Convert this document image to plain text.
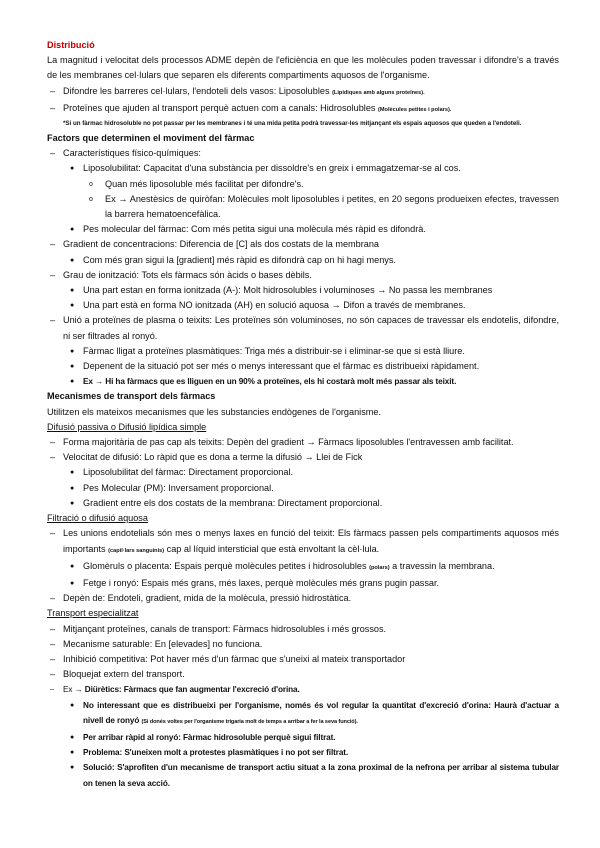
Distribució

La magnitud i velocitat dels processos ADME depèn de l'eficiència en que les molècules poden travessar i difondre's a través de les membranes cel·lulars que separen els diferents compartiments aquosos de l'organisme.

– Difondre les barreres cel·lulars, l'endoteli dels vasos: Liposolubles (Lipídiques amb alguns proteïnes).

– Proteïnes que ajuden al transport perquè actuen com a canals: Hidrosolubles (Molècules petites i polars).

*Si un fàrmac hidrosoluble no pot passar per les membranes i té una mida petita podrà travessar-les mitjançant els espais aquosos que queden a l'endoteli.

Factors que determinen el moviment del fàrmac

– Característiques físico-químiques:

● Liposolubilitat: Capacitat d'una substància per dissoldre's en greix i emmagatzemar-se al cos.

o Quan més liposoluble més facilitat per difondre's.

o Ex → Anestèsics de quiròfan: Molècules molt liposolubles i petites, en 20 segons produeixen efectes, travessen la barrera hematoencefàlica.

● Pes molecular del fàrmac: Com més petita sigui una molècula més ràpid es difondrà.

– Gradient de concentracions: Diferencia de [C] als dos costats de la membrana

● Com més gran sigui la [gradient] més ràpid es difondrà cap on hi hagi menys.

– Grau de ionització: Tots els fàrmacs són àcids o bases dèbils.

● Una part estan en forma ionitzada (A-): Molt hidrosolubles i voluminoses → No passa les membranes

● Una part està en forma NO ionitzada (AH) en solució aquosa → Difon a través de membranes.

– Unió a proteïnes de plasma o teixits: Les proteïnes són voluminoses, no són capaces de travessar els endotelis, difondre, ni ser filtrades al ronyó.

● Fàrmac lligat a proteïnes plasmàtiques: Triga més a distribuir-se i eliminar-se que si està lliure.

● Depenent de la situació pot ser més o menys interessant que el fàrmac es distribueixi ràpidament.

● Ex → Hi ha fàrmacs que es lliguen en un 90% a proteïnes, els hi costarà molt més passar als teixit.

Mecanismes de transport dels fàrmacs

Utilitzen els mateixos mecanismes que les substancies endògenes de l'organisme.

Difusió passiva o Difusió lipídica simple

– Forma majoritària de pas cap als teixits: Depèn del gradient → Fàrmacs liposolubles l'entravessen amb facilitat.

– Velocitat de difusió: Lo ràpid que es dona a terme la difusió → Llei de Fick

● Liposolubilitat del fàrmac: Directament proporcional.

● Pes Molecular (PM): Inversament proporcional.

● Gradient entre els dos costats de la membrana: Directament proporcional.

Filtració o difusió aquosa

– Les unions endotelials són mes o menys laxes en funció del teixit: Els fàrmacs passen pels compartiments aquosos més importants (capil·lars sanguinis) cap al líquid intersticial que està envoltant la cèl·lula.

● Glomèruls o placenta: Espais perquè molècules petites i hidrosolubles (polars) a travessin la membrana.

● Fetge i ronyó: Espais més grans, més laxes, perquè molècules més grans pugin passar.

– Depèn de: Endoteli, gradient, mida de la molècula, pressió hidrostàtica.

Transport especialitzat

– Mitjançant proteïnes, canals de transport: Fàrmacs hidrosolubles i més grossos.

– Mecanisme saturable: En [elevades] no funciona.

– Inhibició competitiva: Pot haver més d'un fàrmac que s'uneixi al mateix transportador

– Bloquejat extern del transport.

– Ex → Diürètics: Fàrmacs que fan augmentar l'excreció d'orina.

● No interessant que es distribueixi per l'organisme, només és vol regular la quantitat d'excreció d'orina: Haurà d'actuar a nivell de ronyó (Si donés voltes per l'organisme trigaria molt de temps a arribar a fer la seva funció).

● Per arribar ràpid al ronyó: Fàrmac hidrosoluble perquè sigui filtrat.

● Problema: S'uneixen molt a protestes plasmàtiques i no pot ser filtrat.

● Solució: S'aprofiten d'un mecanisme de transport actiu situat a la zona proximal de la nefrona per arribar al sistema tubular on tenen la seva acció.
